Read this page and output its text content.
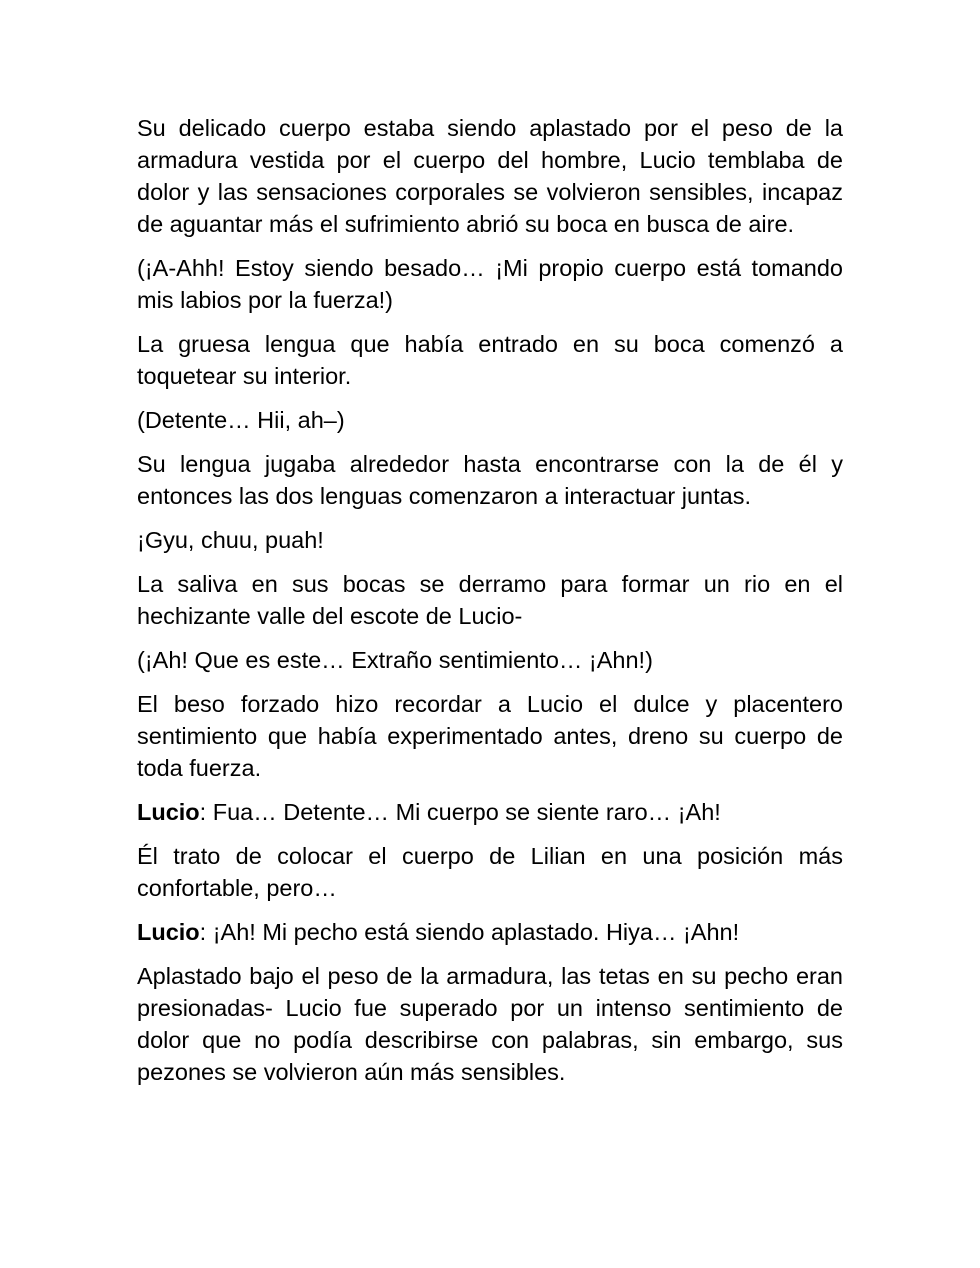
Su delicado cuerpo estaba siendo aplastado por el peso de la armadura vestida por el cuerpo del hombre, Lucio temblaba de dolor y las sensaciones corporales se volvieron sensibles, incapaz de aguantar más el sufrimiento abrió su boca en busca de aire.

(¡A-Ahh! Estoy siendo besado… ¡Mi propio cuerpo está tomando mis labios por la fuerza!)

La gruesa lengua que había entrado en su boca comenzó a toquetear su interior.

(Detente… Hii, ah–)

Su lengua jugaba alrededor hasta encontrarse con la de él y entonces las dos lenguas comenzaron a interactuar juntas.

¡Gyu, chuu, puah!

La saliva en sus bocas se derramo para formar un rio en el hechizante valle del escote de Lucio-

(¡Ah! Que es este… Extraño sentimiento… ¡Ahn!)

El beso forzado hizo recordar a Lucio el dulce y placentero sentimiento que había experimentado antes, dreno su cuerpo de toda fuerza.

Lucio: Fua… Detente… Mi cuerpo se siente raro… ¡Ah!

Él trato de colocar el cuerpo de Lilian en una posición más confortable, pero…

Lucio: ¡Ah! Mi pecho está siendo aplastado. Hiya… ¡Ahn!

Aplastado bajo el peso de la armadura, las tetas en su pecho eran presionadas- Lucio fue superado por un intenso sentimiento de dolor que no podía describirse con palabras, sin embargo, sus pezones se volvieron aún más sensibles.
